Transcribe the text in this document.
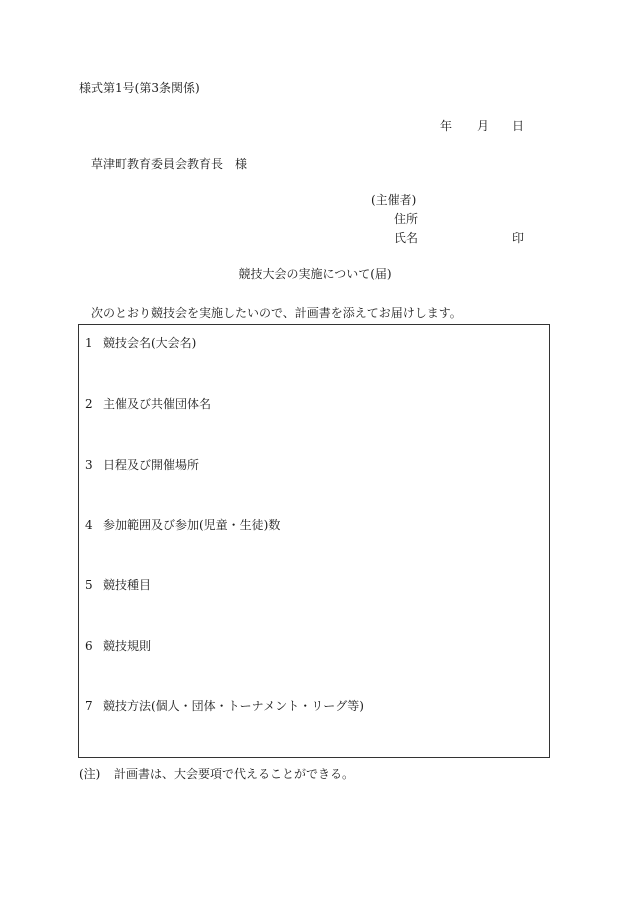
様式第1号(第3条関係)
年 月 日
草津町教育委員会教育長　様
(主催者)
住所
氏名	印
競技大会の実施について(届)
次のとおり競技会を実施したいので、計画書を添えてお届けします。
1 競技会名(大会名)
2 主催及び共催団体名
3 日程及び開催場所
4 参加範囲及び参加(児童・生徒)数
5 競技種目
6 競技規則
7 競技方法(個人・団体・トーナメント・リーグ等)
(注) 計画書は、大会要項で代えることができる。
